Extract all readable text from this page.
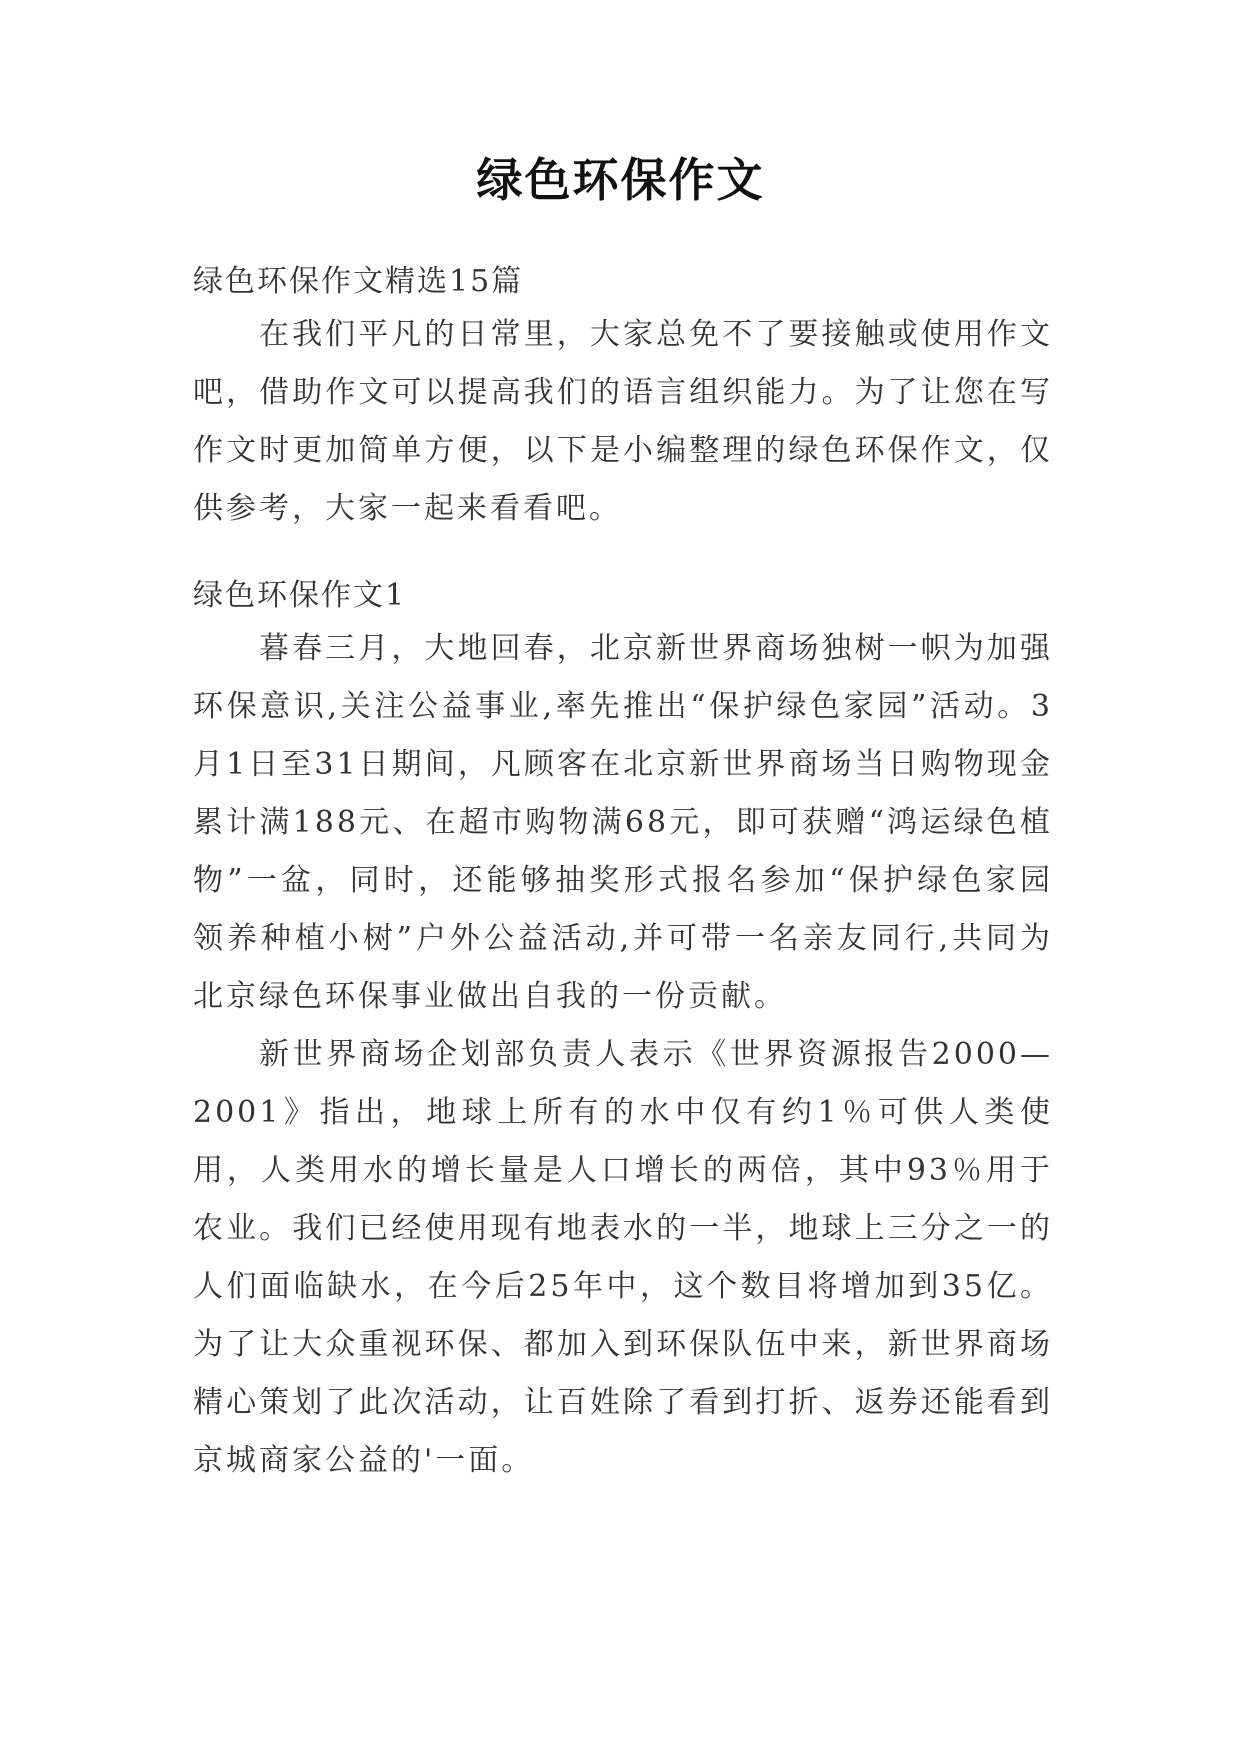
绿色环保作文
绿色环保作文精选15篇

在我们平凡的日常里，大家总免不了要接触或使用作文吧，借助作文可以提高我们的语言组织能力。为了让您在写作文时更加简单方便，以下是小编整理的绿色环保作文，仅供参考，大家一起来看看吧。

绿色环保作文1

暮春三月，大地回春，北京新世界商场独树一帜为加强环保意识,关注公益事业,率先推出“保护绿色家园”活动。3月1日至31日期间，凡顾客在北京新世界商场当日购物现金累计满188元、在超市购物满68元，即可获赠“鸿运绿色植物”一盆，同时，还能够抽奖形式报名参加“保护绿色家园领养种植小树”户外公益活动,并可带一名亲友同行,共同为北京绿色环保事业做出自我的一份贡献。

新世界商场企划部负责人表示《世界资源报告2000—2001》指出，地球上所有的水中仅有约1％可供人类使用，人类用水的增长量是人口增长的两倍，其中93％用于农业。我们已经使用现有地表水的一半，地球上三分之一的人们面临缺水，在今后25年中，这个数目将增加到35亿。为了让大众重视环保、都加入到环保队伍中来，新世界商场精心策划了此次活动，让百姓除了看到打折、返券还能看到京城商家公益的'一面。
